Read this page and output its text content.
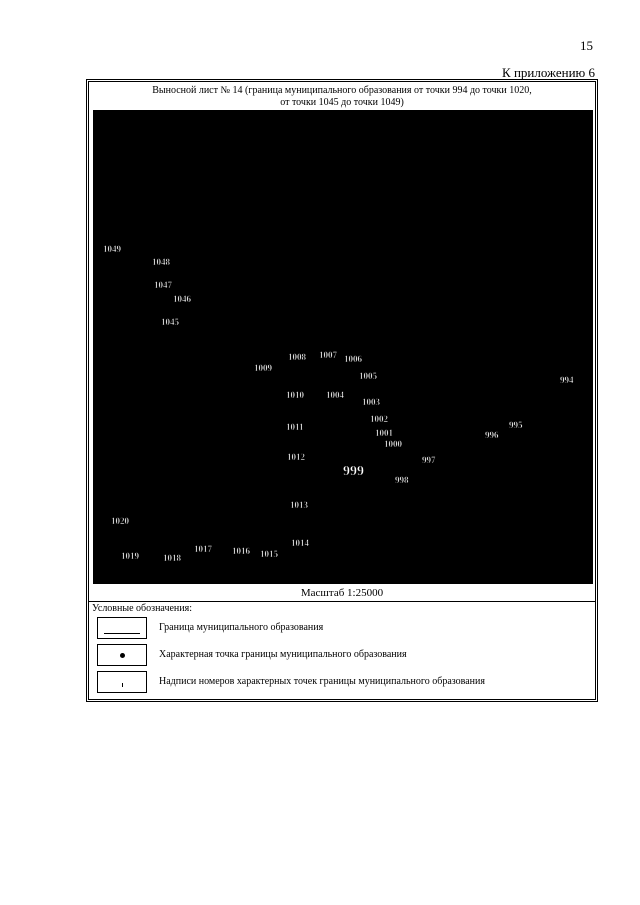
15
К приложению 6
Выносной лист № 14 (граница муниципального образования от точки 994 до точки 1020,
от точки 1045 до точки 1049)
1049
1048
1047
1046
1045
1009
1008 1007 1006
1005	994
1010 1004
1003
1002
995
1011
1001	996
1000
997
1012
999
998
1013
1020
1014
1017 1016 1015
1019	1018
Масштаб 1:25000
Условные обозначения:
Граница муниципального образования
Характерная точка границы муниципального образования
Надписи номеров характерных точек границы муниципального образования
